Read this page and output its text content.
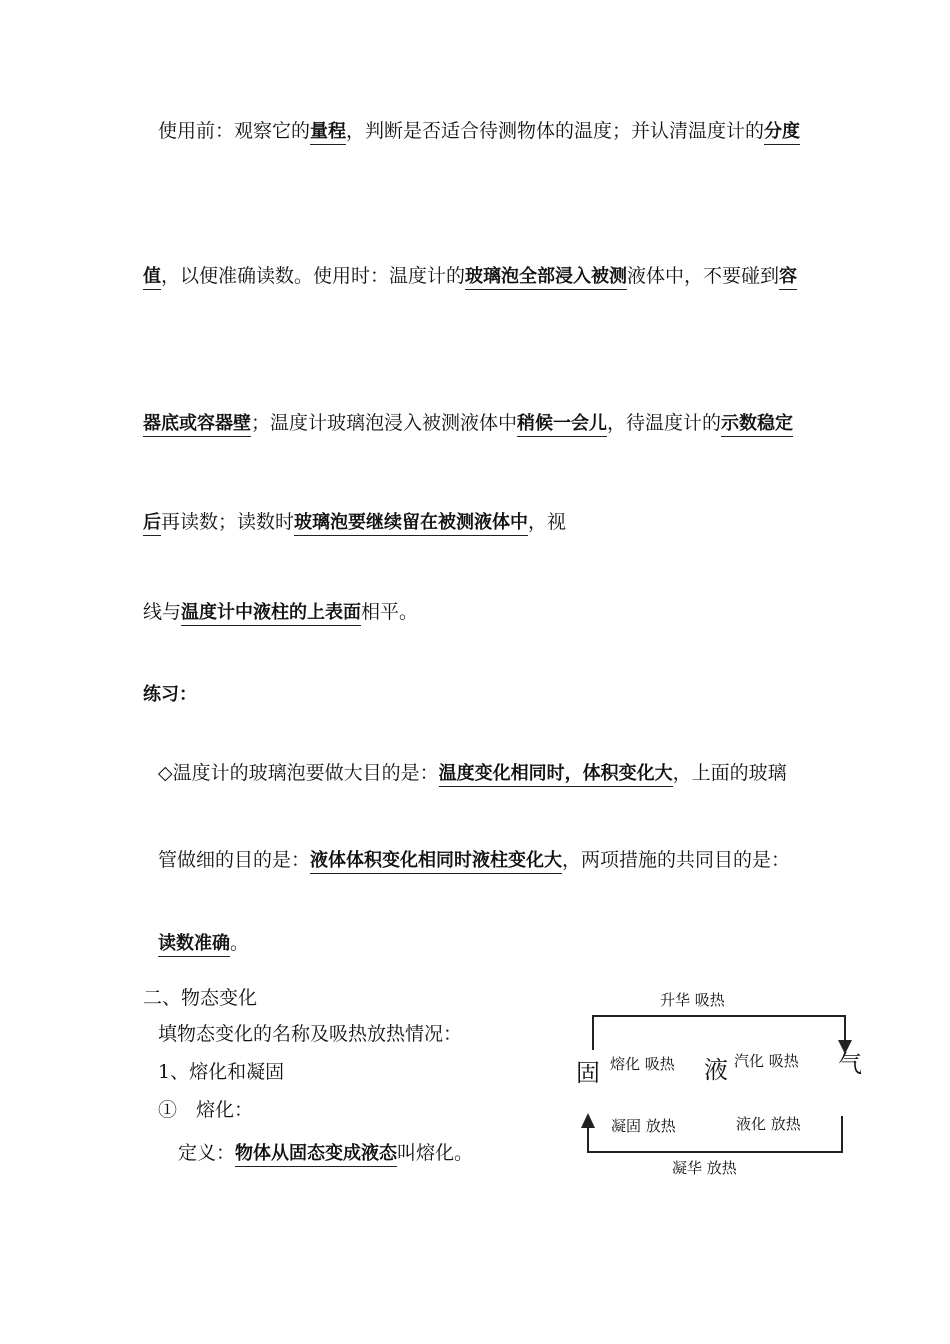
使用前：观察它的量程，判断是否适合待测物体的温度；并认清温度计的分度
值，以便准确读数。使用时：温度计的玻璃泡全部浸入被测液体中，不要碰到容
器底或容器壁；温度计玻璃泡浸入被测液体中稍候一会儿，待温度计的示数稳定
后再读数；读数时玻璃泡要继续留在被测液体中，视
线与温度计中液柱的上表面相平。
练习：
◇温度计的玻璃泡要做大目的是：温度变化相同时，体积变化大，上面的玻璃
管做细的目的是：液体体积变化相同时液柱变化大，两项措施的共同目的是：
读数准确。
二、物态变化
填物态变化的名称及吸热放热情况：
1、熔化和凝固
①　熔化：
定义：物体从固态变成液态叫熔化。
升华 吸热
凝华 放热
固	液	气
熔化 吸热	汽化 吸热
凝固 放热	液化 放热
